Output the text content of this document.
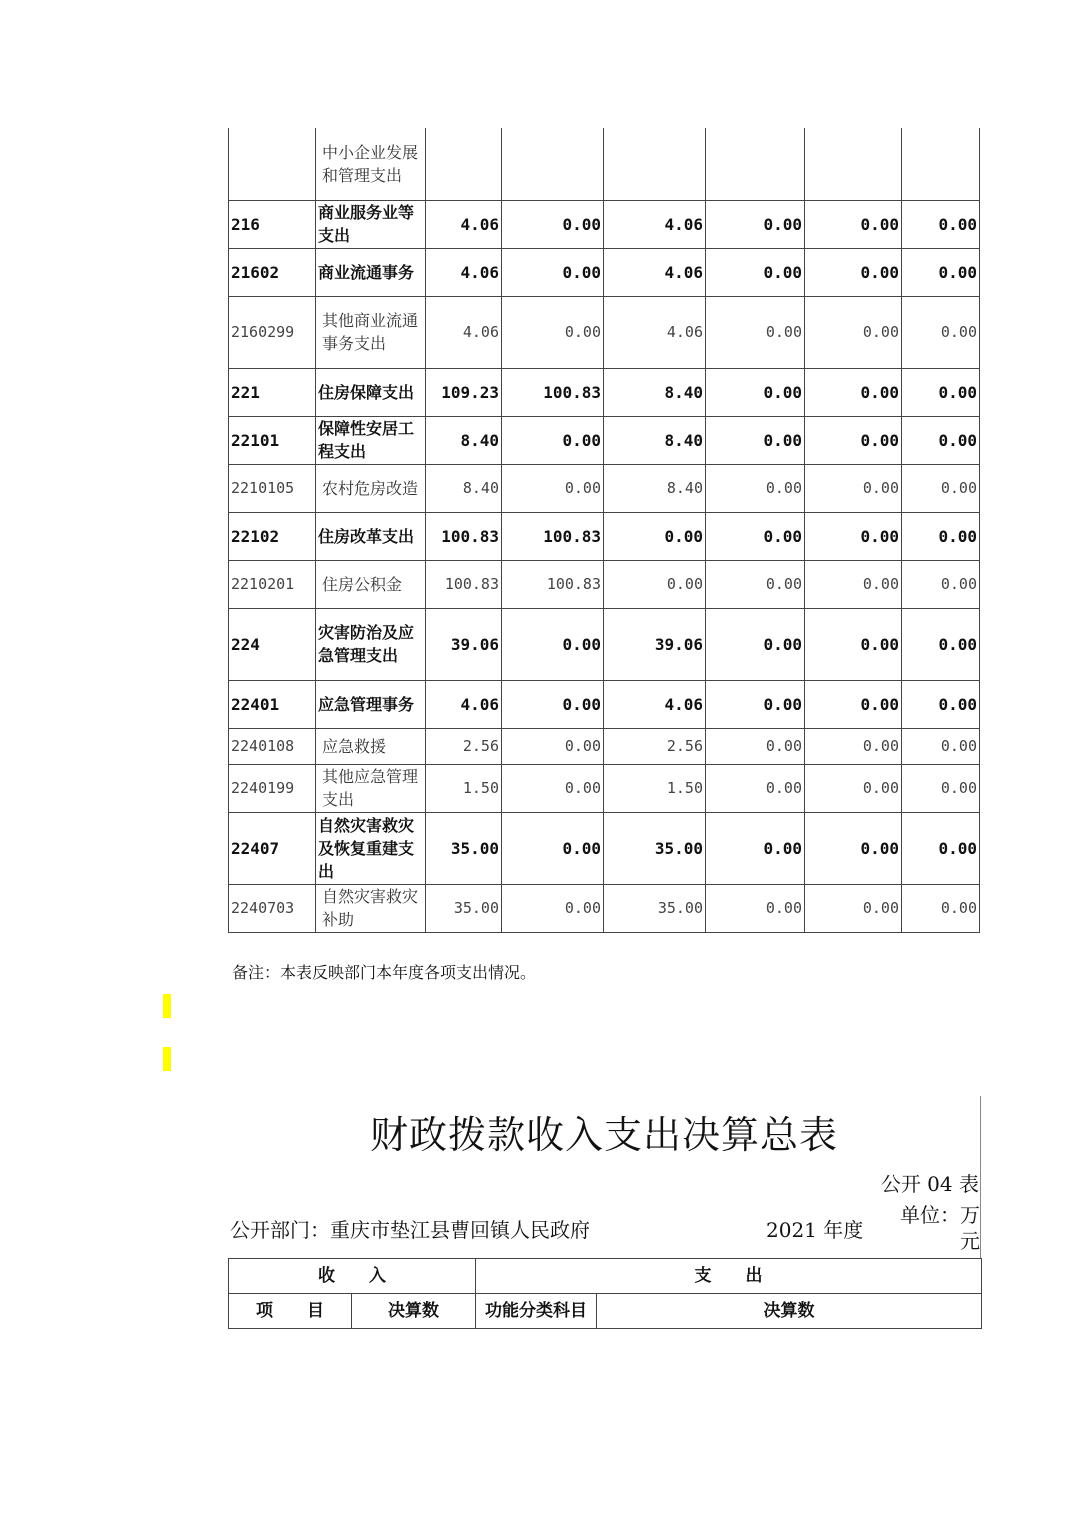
	中小企业发展和管理支出						
216	商业服务业等支出	4.06	0.00	4.06	0.00	0.00	0.00
21602	商业流通事务	4.06	0.00	4.06	0.00	0.00	0.00
2160299	其他商业流通事务支出	4.06	0.00	4.06	0.00	0.00	0.00
221	住房保障支出	109.23	100.83	8.40	0.00	0.00	0.00
22101	保障性安居工程支出	8.40	0.00	8.40	0.00	0.00	0.00
2210105	农村危房改造	8.40	0.00	8.40	0.00	0.00	0.00
22102	住房改革支出	100.83	100.83	0.00	0.00	0.00	0.00
2210201	住房公积金	100.83	100.83	0.00	0.00	0.00	0.00
224	灾害防治及应急管理支出	39.06	0.00	39.06	0.00	0.00	0.00
22401	应急管理事务	4.06	0.00	4.06	0.00	0.00	0.00
2240108	应急救援	2.56	0.00	2.56	0.00	0.00	0.00
2240199	其他应急管理支出	1.50	0.00	1.50	0.00	0.00	0.00
22407	自然灾害救灾及恢复重建支出	35.00	0.00	35.00	0.00	0.00	0.00
2240703	自然灾害救灾补助	35.00	0.00	35.00	0.00	0.00	0.00
备注：本表反映部门本年度各项支出情况。
财政拨款收入支出决算总表
公开 04 表
公开部门：重庆市垫江县曹回镇人民政府	2021 年度
单位：万元
收　　入		支　　出	
项　　目	决算数	功能分类科目	决算数
